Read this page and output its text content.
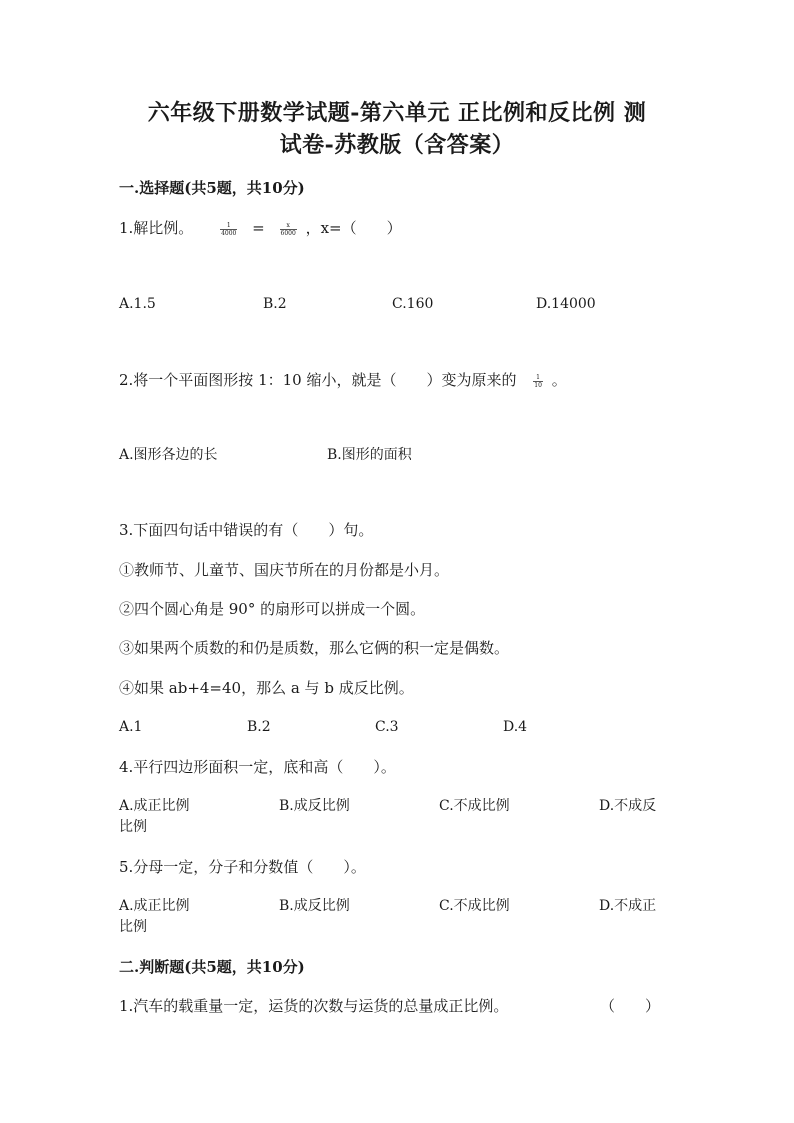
六年级下册数学试题-第六单元 正比例和反比例 测
试卷-苏教版（含答案）
一.选择题(共5题，共10分)
1.解比例。	$\frac{1}{4000} = \frac{x}{6000}$ ，x=（　　）
A.1.5	B.2	C.160	D.14000
2.将一个平面图形按 1：10 缩小，就是（　　）变为原来的	$\frac{1}{10}$ 。
A.图形各边的长	B.图形的面积
3.下面四句话中错误的有（　　）句。
①教师节、儿童节、国庆节所在的月份都是小月。
②四个圆心角是 90° 的扇形可以拼成一个圆。
③如果两个质数的和仍是质数，那么它俩的积一定是偶数。
④如果 ab+4=40，那么 a 与 b 成反比例。
A.1	B.2	C.3	D.4
4.平行四边形面积一定，底和高（　　）。
A.成正比例	B.成反比例	C.不成比例	D.不成反
比例
5.分母一定，分子和分数值（　　）。
A.成正比例	B.成反比例	C.不成比例	D.不成正
比例
二.判断题(共5题，共10分)
1.汽车的载重量一定，运货的次数与运货的总量成正比例。	（　　）
